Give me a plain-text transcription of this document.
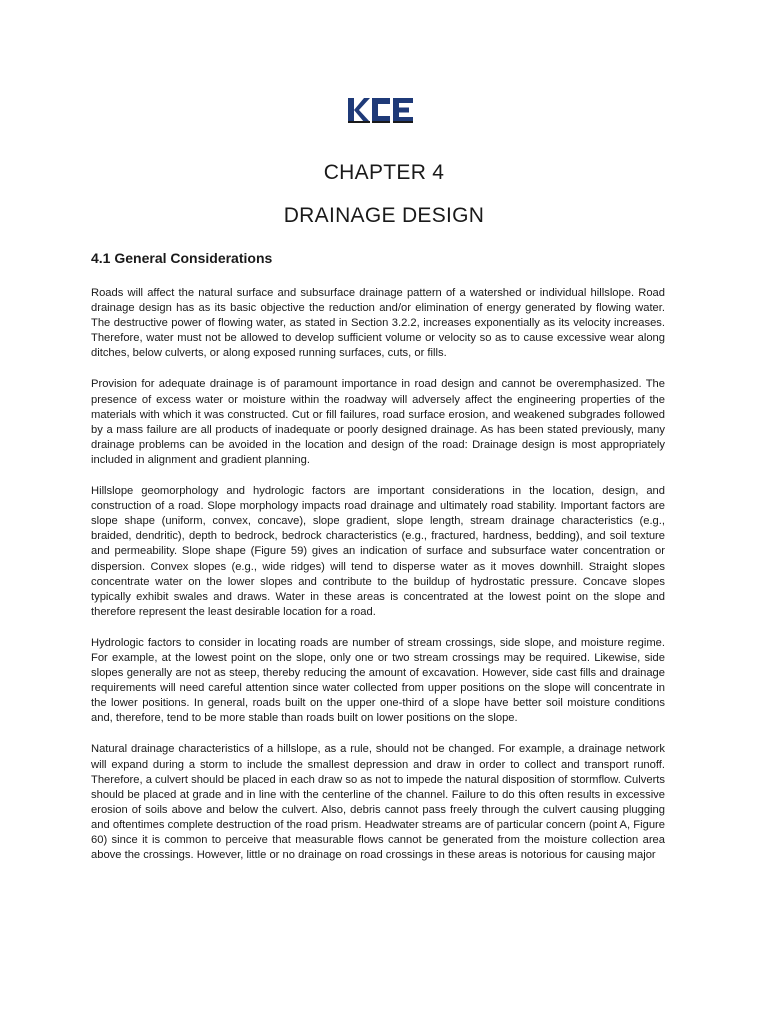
CHAPTER 4
DRAINAGE DESIGN
4.1 General Considerations

Roads will affect the natural surface and subsurface drainage pattern of a watershed or individual hillslope. Road drainage design has as its basic objective the reduction and/or elimination of energy generated by flowing water. The destructive power of flowing water, as stated in Section 3.2.2, increases exponentially as its velocity increases. Therefore, water must not be allowed to develop sufficient volume or velocity so as to cause excessive wear along ditches, below culverts, or along exposed running surfaces, cuts, or fills.

Provision for adequate drainage is of paramount importance in road design and cannot be overemphasized. The presence of excess water or moisture within the roadway will adversely affect the engineering properties of the materials with which it was constructed. Cut or fill failures, road surface erosion, and weakened subgrades followed by a mass failure are all products of inadequate or poorly designed drainage. As has been stated previously, many drainage problems can be avoided in the location and design of the road: Drainage design is most appropriately included in alignment and gradient planning.

Hillslope geomorphology and hydrologic factors are important considerations in the location, design, and construction of a road. Slope morphology impacts road drainage and ultimately road stability. Important factors are slope shape (uniform, convex, concave), slope gradient, slope length, stream drainage characteristics (e.g., braided, dendritic), depth to bedrock, bedrock characteristics (e.g., fractured, hardness, bedding), and soil texture and permeability. Slope shape (Figure 59) gives an indication of surface and subsurface water concentration or dispersion. Convex slopes (e.g., wide ridges) will tend to disperse water as it moves downhill. Straight slopes concentrate water on the lower slopes and contribute to the buildup of hydrostatic pressure. Concave slopes typically exhibit swales and draws. Water in these areas is concentrated at the lowest point on the slope and therefore represent the least desirable location for a road.

Hydrologic factors to consider in locating roads are number of stream crossings, side slope, and moisture regime. For example, at the lowest point on the slope, only one or two stream crossings may be required. Likewise, side slopes generally are not as steep, thereby reducing the amount of excavation. However, side cast fills and drainage requirements will need careful attention since water collected from upper positions on the slope will concentrate in the lower positions. In general, roads built on the upper one-third of a slope have better soil moisture conditions and, therefore, tend to be more stable than roads built on lower positions on the slope.

Natural drainage characteristics of a hillslope, as a rule, should not be changed. For example, a drainage network will expand during a storm to include the smallest depression and draw in order to collect and transport runoff. Therefore, a culvert should be placed in each draw so as not to impede the natural disposition of stormflow. Culverts should be placed at grade and in line with the centerline of the channel. Failure to do this often results in excessive erosion of soils above and below the culvert. Also, debris cannot pass freely through the culvert causing plugging and oftentimes complete destruction of the road prism. Headwater streams are of particular concern (point A, Figure 60) since it is common to perceive that measurable flows cannot be generated from the moisture collection area above the crossings. However, little or no drainage on road crossings in these areas is notorious for causing major
